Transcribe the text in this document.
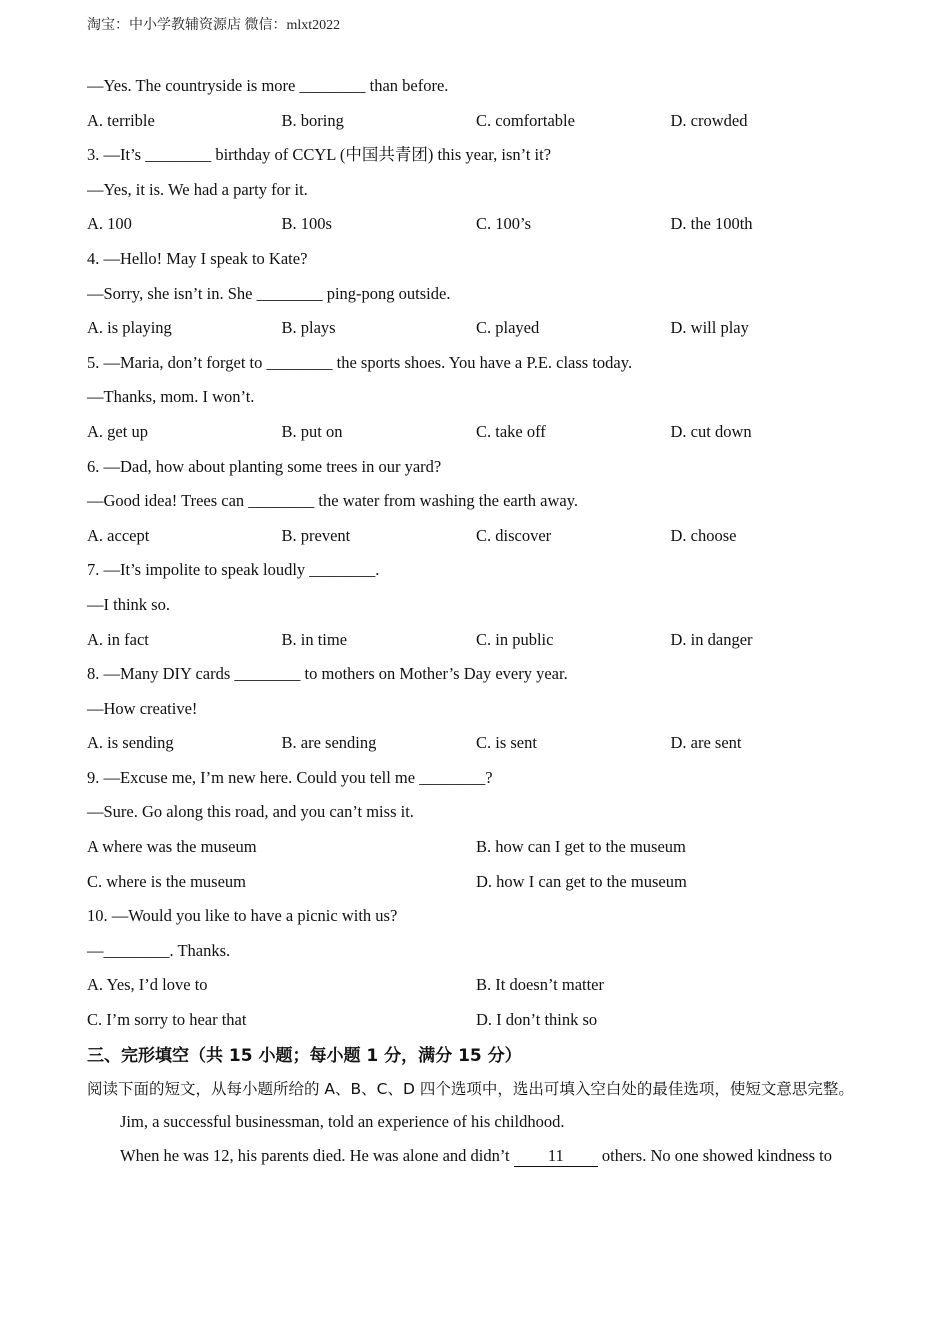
淘宝：中小学教辅资源店 微信：mlxt2022
—Yes. The countryside is more ________ than before.
A. terrible	B. boring	C. comfortable	D. crowded
3. —It’s ________ birthday of CCYL (中国共青团) this year, isn’t it?
—Yes, it is. We had a party for it.
A. 100	B. 100s	C. 100’s	D. the 100th
4. —Hello! May I speak to Kate?
—Sorry, she isn’t in. She ________ ping-pong outside.
A. is playing	B. plays	C. played	D. will play
5. —Maria, don’t forget to ________ the sports shoes. You have a P.E. class today.
—Thanks, mom. I won’t.
A. get up	B. put on	C. take off	D. cut down
6. —Dad, how about planting some trees in our yard?
—Good idea! Trees can ________ the water from washing the earth away.
A. accept	B. prevent	C. discover	D. choose
7. —It’s impolite to speak loudly ________.
—I think so.
A. in fact	B. in time	C. in public	D. in danger
8. —Many DIY cards ________ to mothers on Mother’s Day every year.
—How creative!
A. is sending	B. are sending	C. is sent	D. are sent
9. —Excuse me, I’m new here. Could you tell me ________?
—Sure. Go along this road, and you can’t miss it.
A where was the museum	B. how can I get to the museum
C. where is the museum	D. how I can get to the museum
10. —Would you like to have a picnic with us?
—________. Thanks.
A. Yes, I’d love to	B. It doesn’t matter
C. I’m sorry to hear that	D. I don’t think so
三、完形填空（共 15 小题；每小题 1 分，满分 15 分）
阅读下面的短文，从每小题所给的 A、B、C、D 四个选项中，选出可填入空白处的最佳选项，使短文意思完整。
Jim, a successful businessman, told an experience of his childhood.
When he was 12, his parents died. He was alone and didn’t 11 others. No one showed kindness to
